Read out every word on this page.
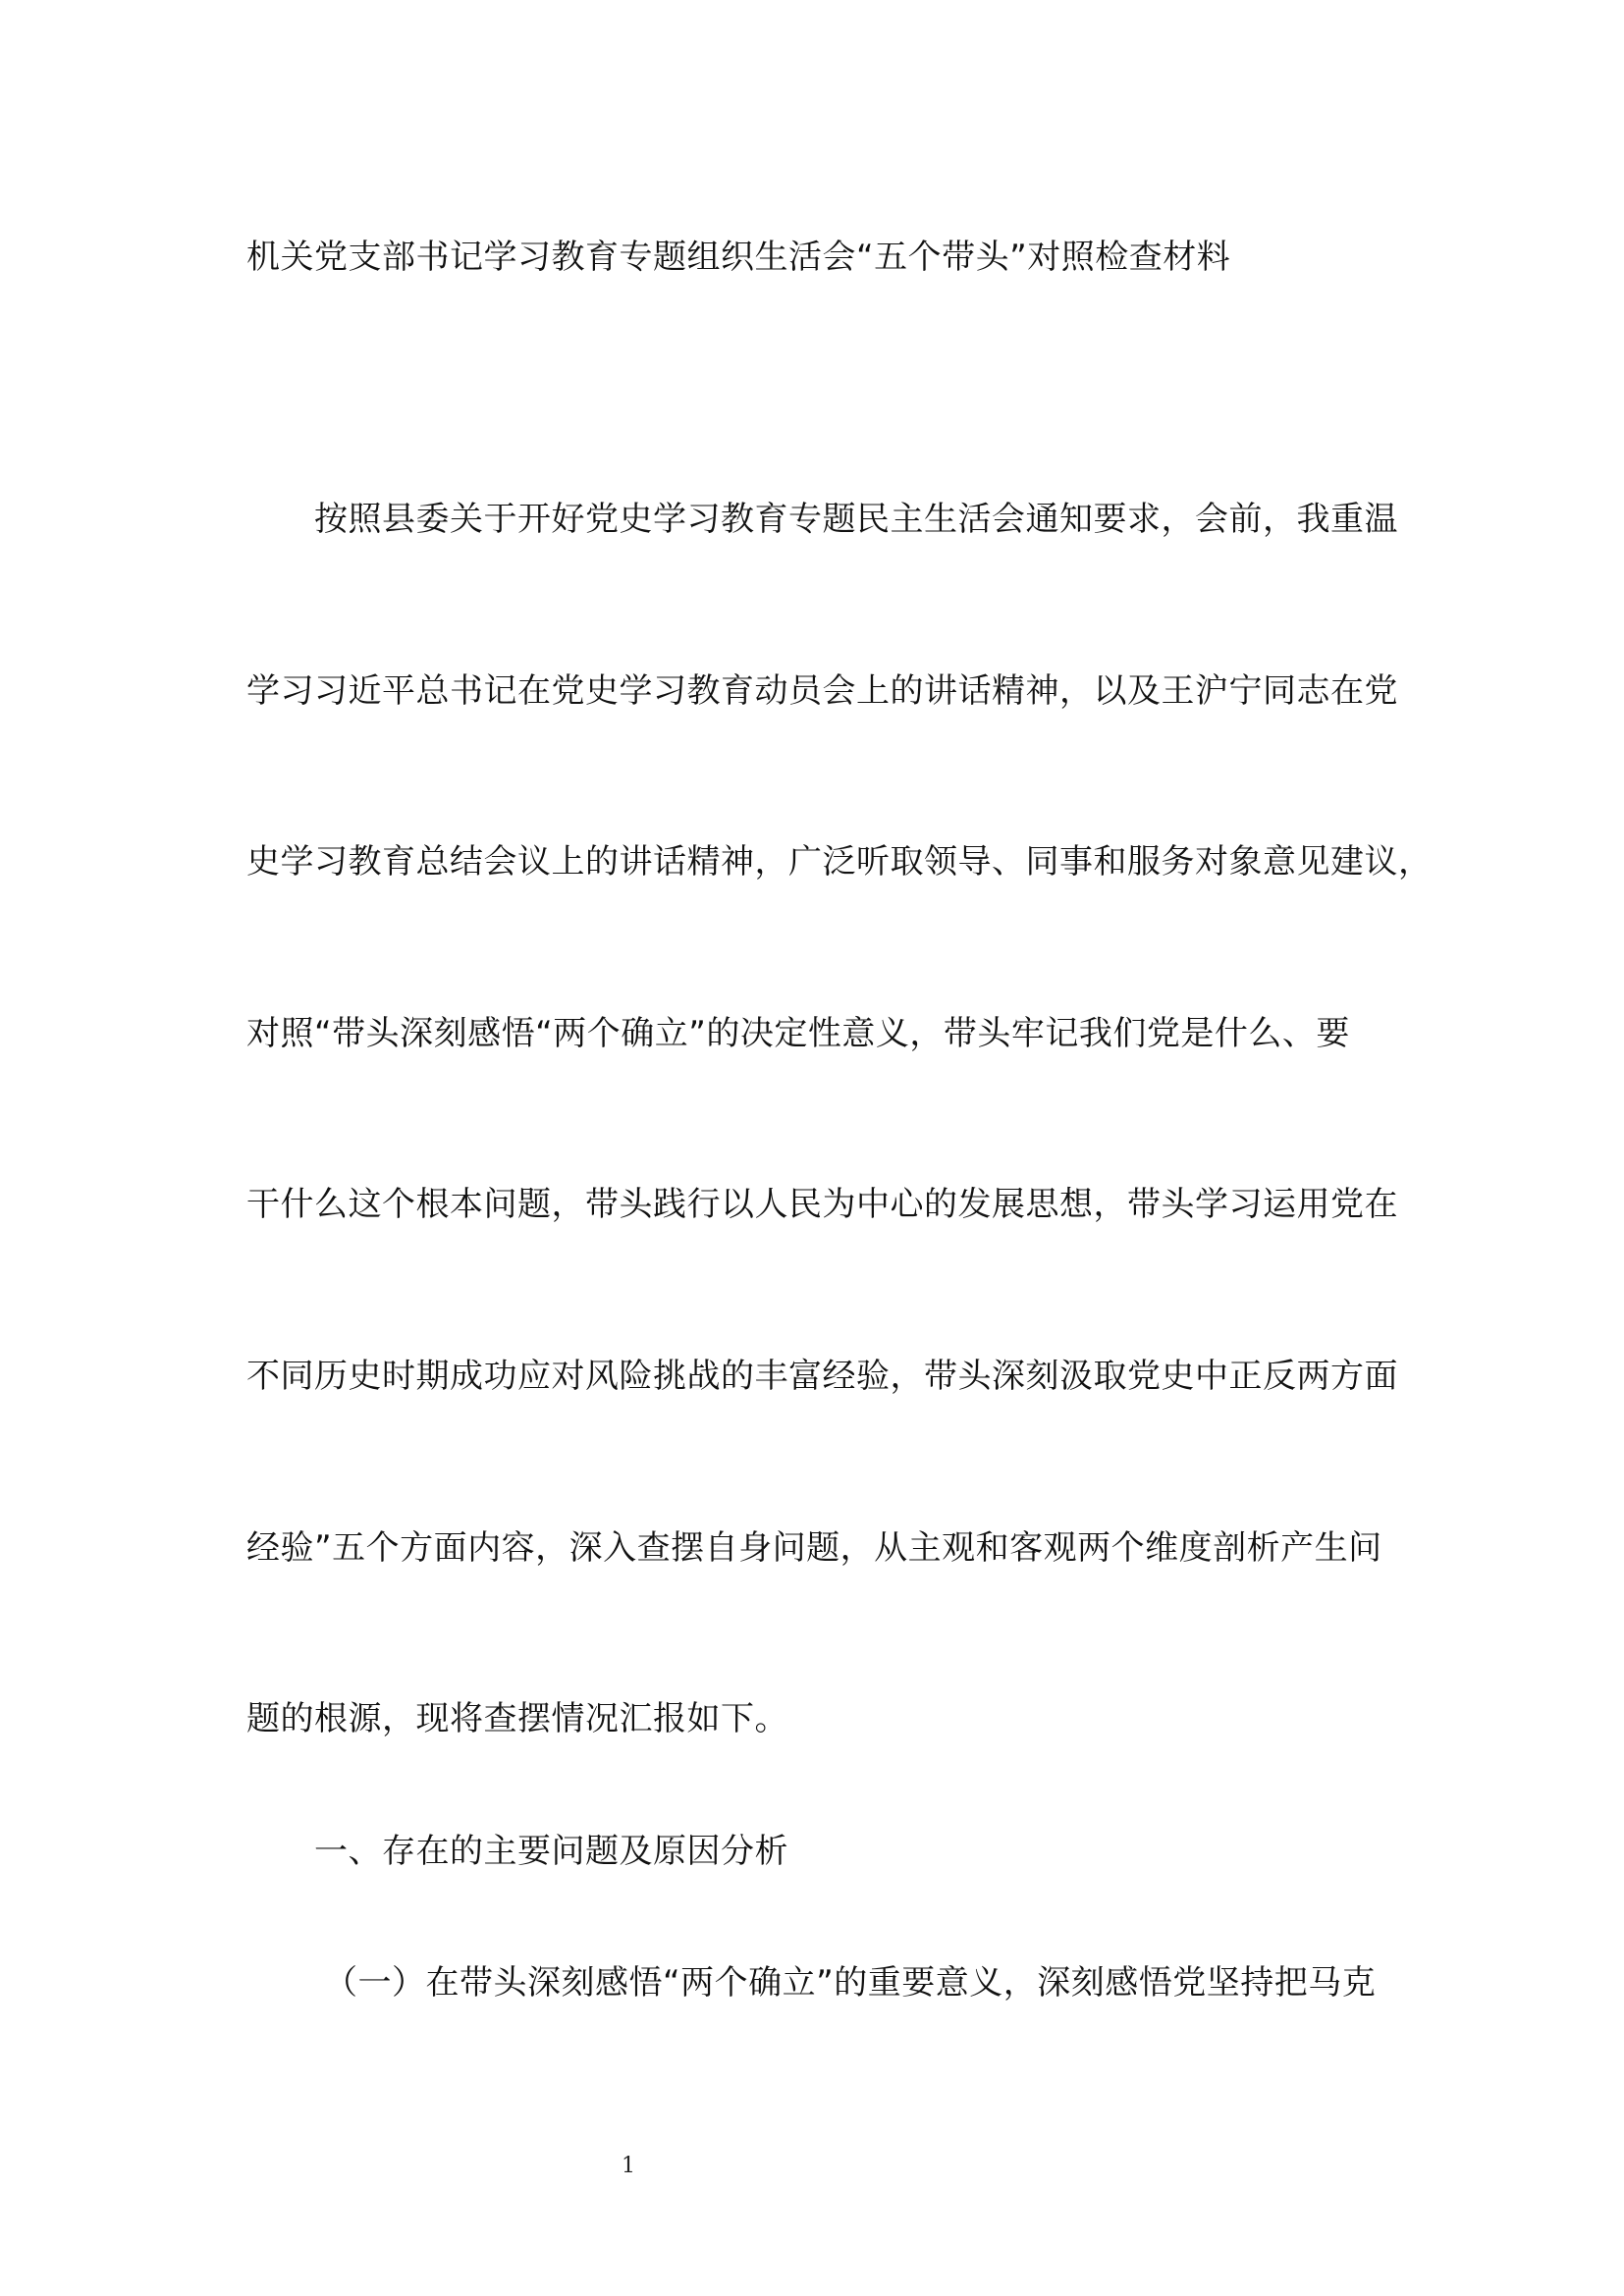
机关党支部书记学习教育专题组织生活会“五个带头”对照检查材料
按照县委关于开好党史学习教育专题民主生活会通知要求，会前，我重温
学习习近平总书记在党史学习教育动员会上的讲话精神，以及王沪宁同志在党
史学习教育总结会议上的讲话精神，广泛听取领导、同事和服务对象意见建议，
对照“带头深刻感悟“两个确立”的决定性意义，带头牢记我们党是什么、要
干什么这个根本问题，带头践行以人民为中心的发展思想，带头学习运用党在
不同历史时期成功应对风险挑战的丰富经验，带头深刻汲取党史中正反两方面
经验”五个方面内容，深入查摆自身问题，从主观和客观两个维度剖析产生问
题的根源，现将查摆情况汇报如下。
一、存在的主要问题及原因分析
（一）在带头深刻感悟“两个确立”的重要意义，深刻感悟党坚持把马克
1
